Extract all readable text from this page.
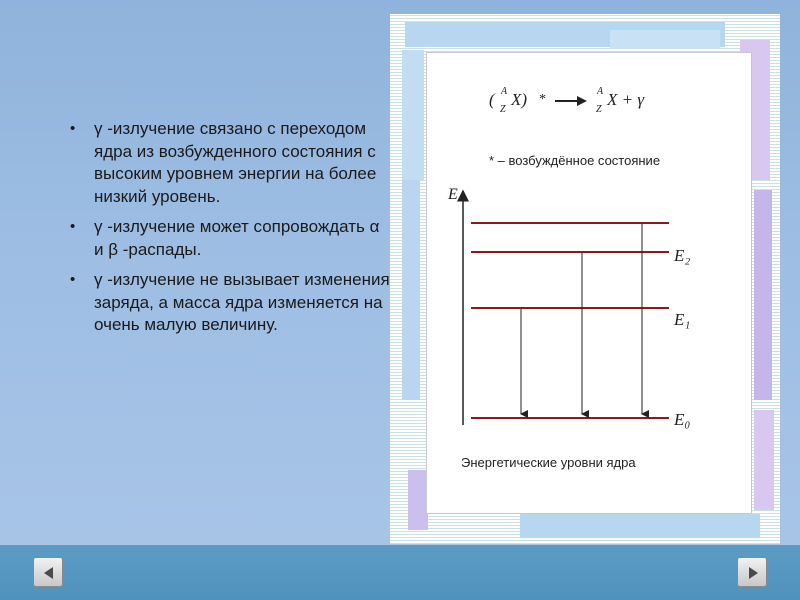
• γ -излучение связано с переходом ядра из возбужденного состояния с высоким уровнем энергии на более низкий уровень.
• γ -излучение может сопровождать α и β -распады.
• γ -излучение не вызывает изменения заряда, а масса ядра изменяется на очень малую величину.
( A
Z
X) *
A
Z
X + γ
* – возбуждённое состояние
E
E₂
E₁
E₀
Энергетические уровни ядра
